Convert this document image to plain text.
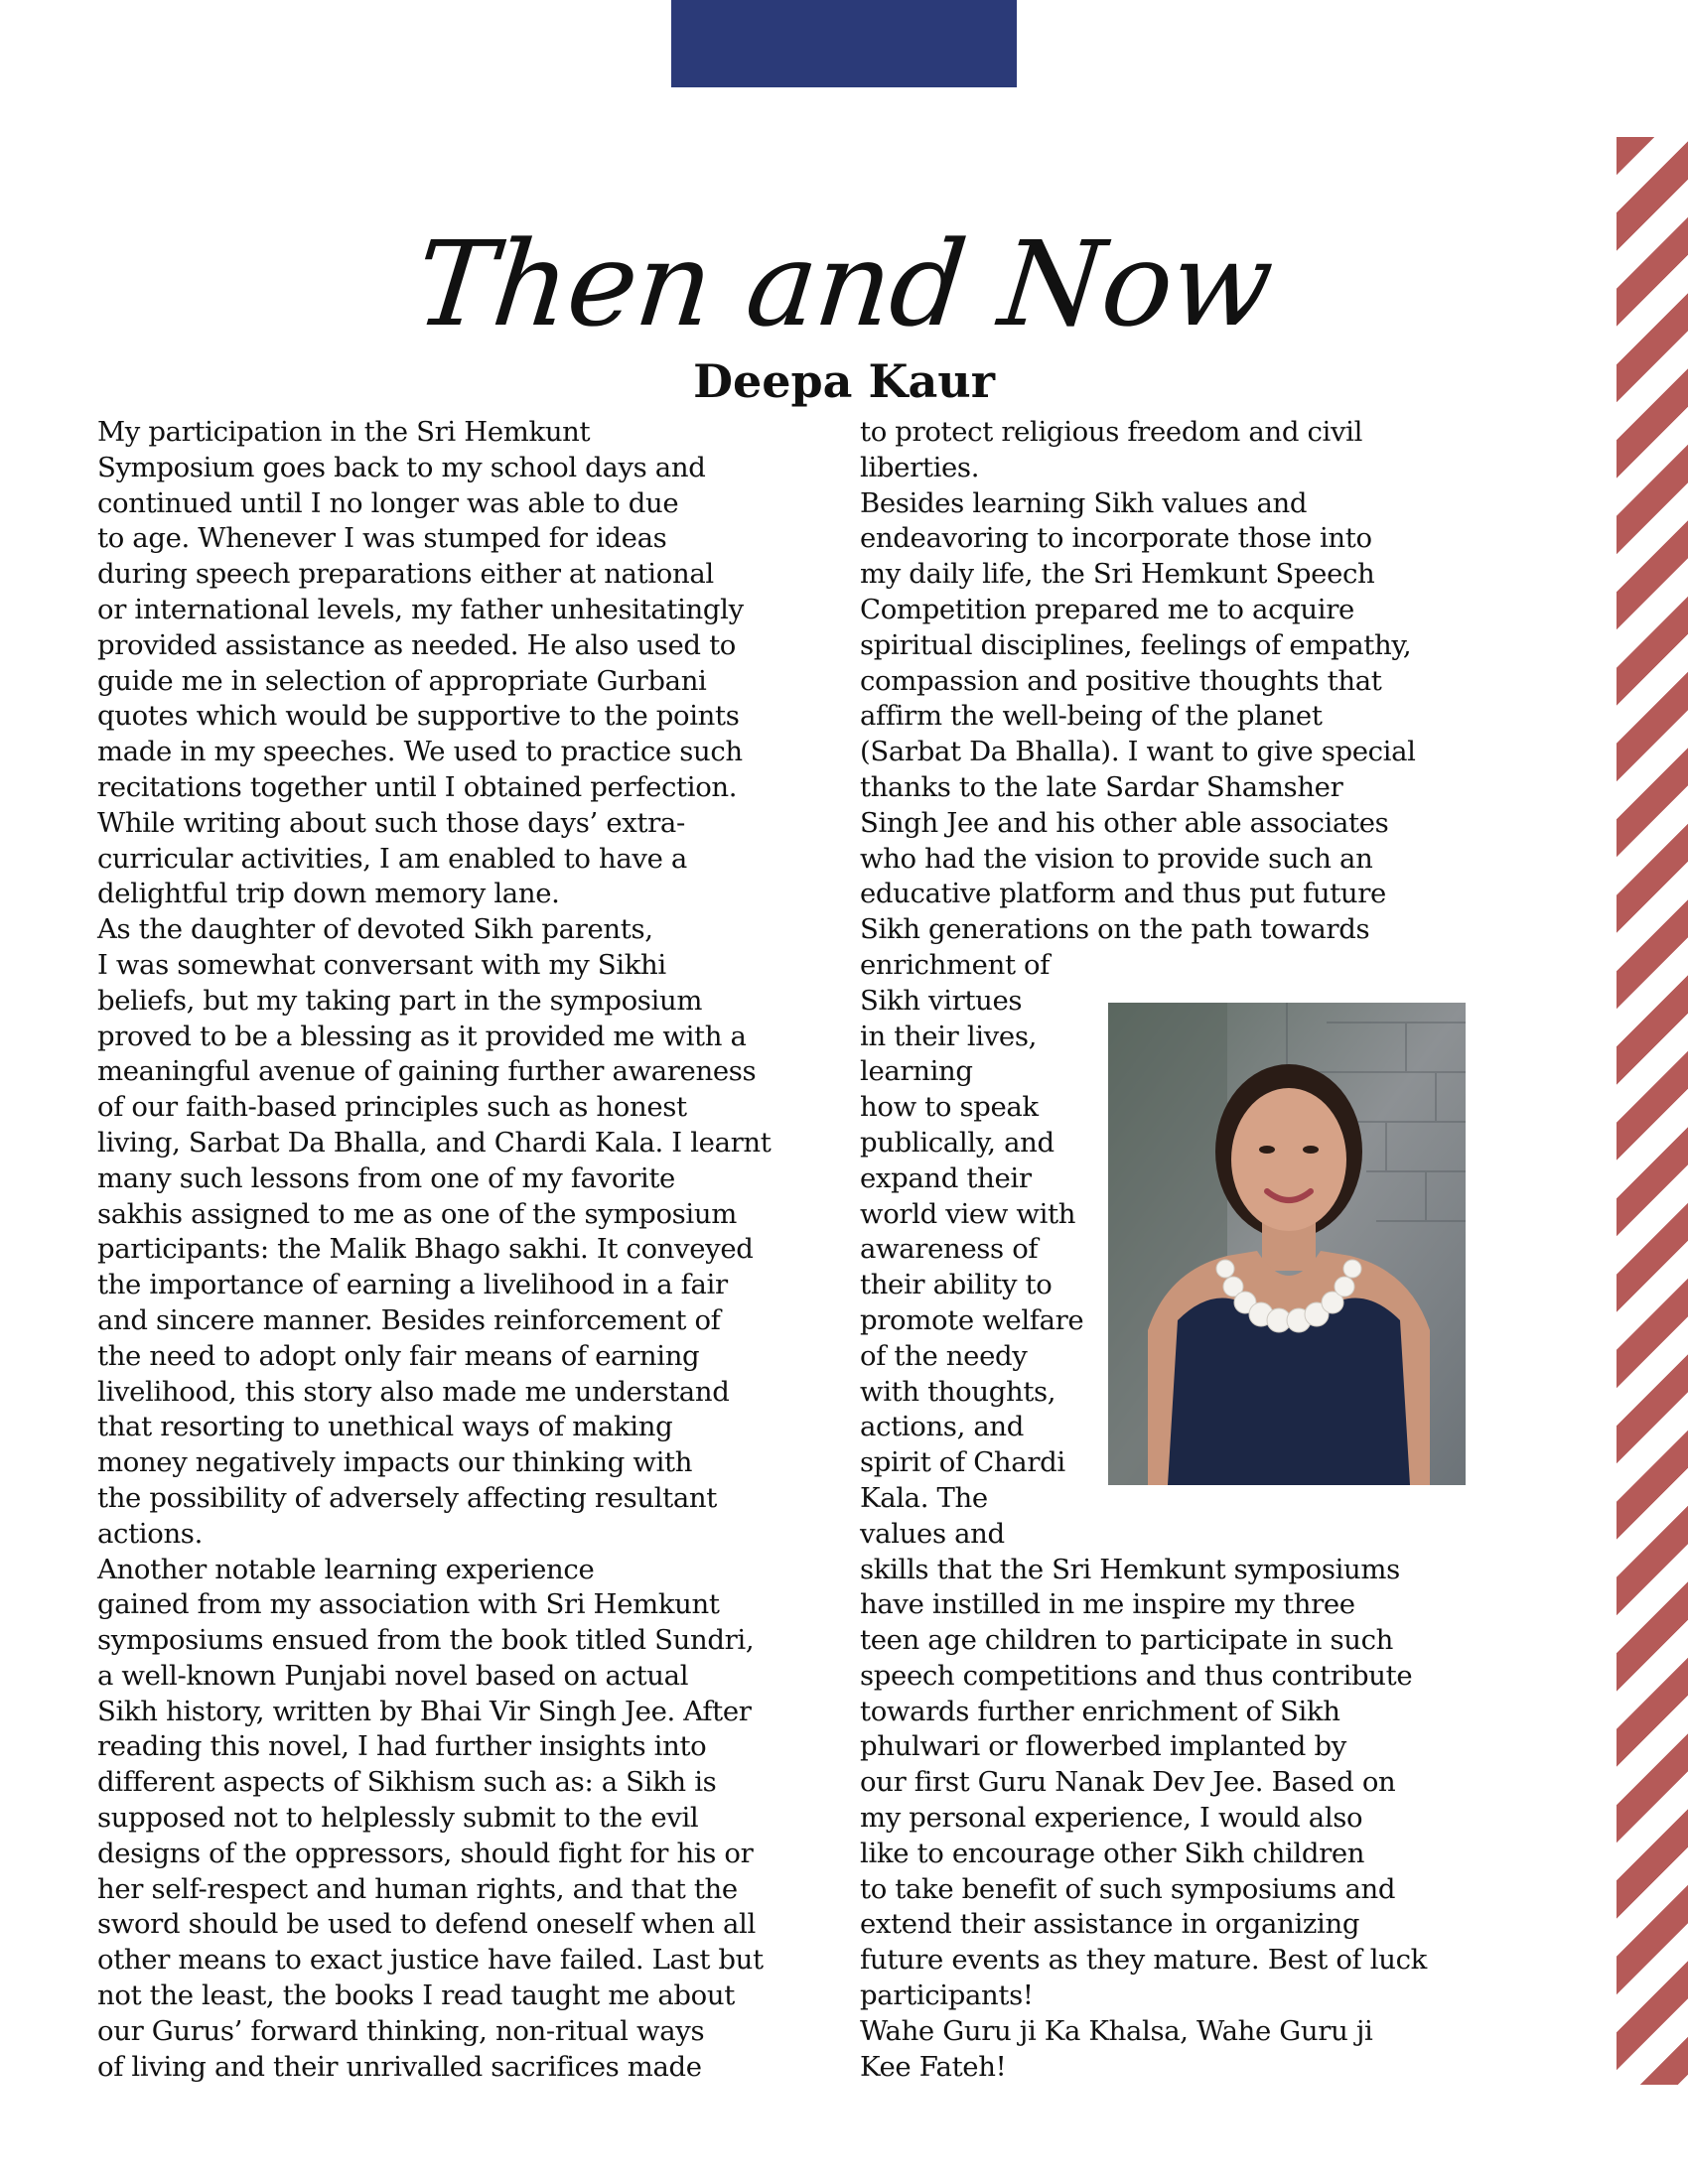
Then and Now
Deepa Kaur

My participation in the Sri Hemkunt
Symposium goes back to my school days and
continued until I no longer was able to due
to age. Whenever I was stumped for ideas
during speech preparations either at national
or international levels, my father unhesitatingly
provided assistance as needed. He also used to
guide me in selection of appropriate Gurbani
quotes which would be supportive to the points
made in my speeches. We used to practice such
recitations together until I obtained perfection.
While writing about such those days’ extra-
curricular activities, I am enabled to have a
delightful trip down memory lane.

As the daughter of devoted Sikh parents,
I was somewhat conversant with my Sikhi
beliefs, but my taking part in the symposium
proved to be a blessing as it provided me with a
meaningful avenue of gaining further awareness
of our faith-based principles such as honest
living, Sarbat Da Bhalla, and Chardi Kala. I learnt
many such lessons from one of my favorite
sakhis assigned to me as one of the symposium
participants: the Malik Bhago sakhi. It conveyed
the importance of earning a livelihood in a fair
and sincere manner. Besides reinforcement of
the need to adopt only fair means of earning
livelihood, this story also made me understand
that resorting to unethical ways of making
money negatively impacts our thinking with
the possibility of adversely affecting resultant
actions.

Another notable learning experience
gained from my association with Sri Hemkunt
symposiums ensued from the book titled Sundri,
a well-known Punjabi novel based on actual
Sikh history, written by Bhai Vir Singh Jee. After
reading this novel, I had further insights into
different aspects of Sikhism such as: a Sikh is
supposed not to helplessly submit to the evil
designs of the oppressors, should fight for his or
her self-respect and human rights, and that the
sword should be used to defend oneself when all
other means to exact justice have failed. Last but
not the least, the books I read taught me about
our Gurus’ forward thinking, non-ritual ways
of living and their unrivalled sacrifices made

to protect religious freedom and civil
liberties.

Besides learning Sikh values and
endeavoring to incorporate those into
my daily life, the Sri Hemkunt Speech
Competition prepared me to acquire
spiritual disciplines, feelings of empathy,
compassion and positive thoughts that
affirm the well-being of the planet
(Sarbat Da Bhalla). I want to give special
thanks to the late Sardar Shamsher
Singh Jee and his other able associates
who had the vision to provide such an
educative platform and thus put future
Sikh generations on the path towards
enrichment of
Sikh virtues
in their lives,
learning
how to speak
publically, and
expand their
world view with
awareness of
their ability to
promote welfare
of the needy
with thoughts,
actions, and
spirit of Chardi
Kala. The
values and
skills that the Sri Hemkunt symposiums
have instilled in me inspire my three
teen age children to participate in such
speech competitions and thus contribute
towards further enrichment of Sikh
phulwari or flowerbed implanted by
our first Guru Nanak Dev Jee. Based on
my personal experience, I would also
like to encourage other Sikh children
to take benefit of such symposiums and
extend their assistance in organizing
future events as they mature. Best of luck
participants!

Wahe Guru ji Ka Khalsa, Wahe Guru ji
Kee Fateh!
